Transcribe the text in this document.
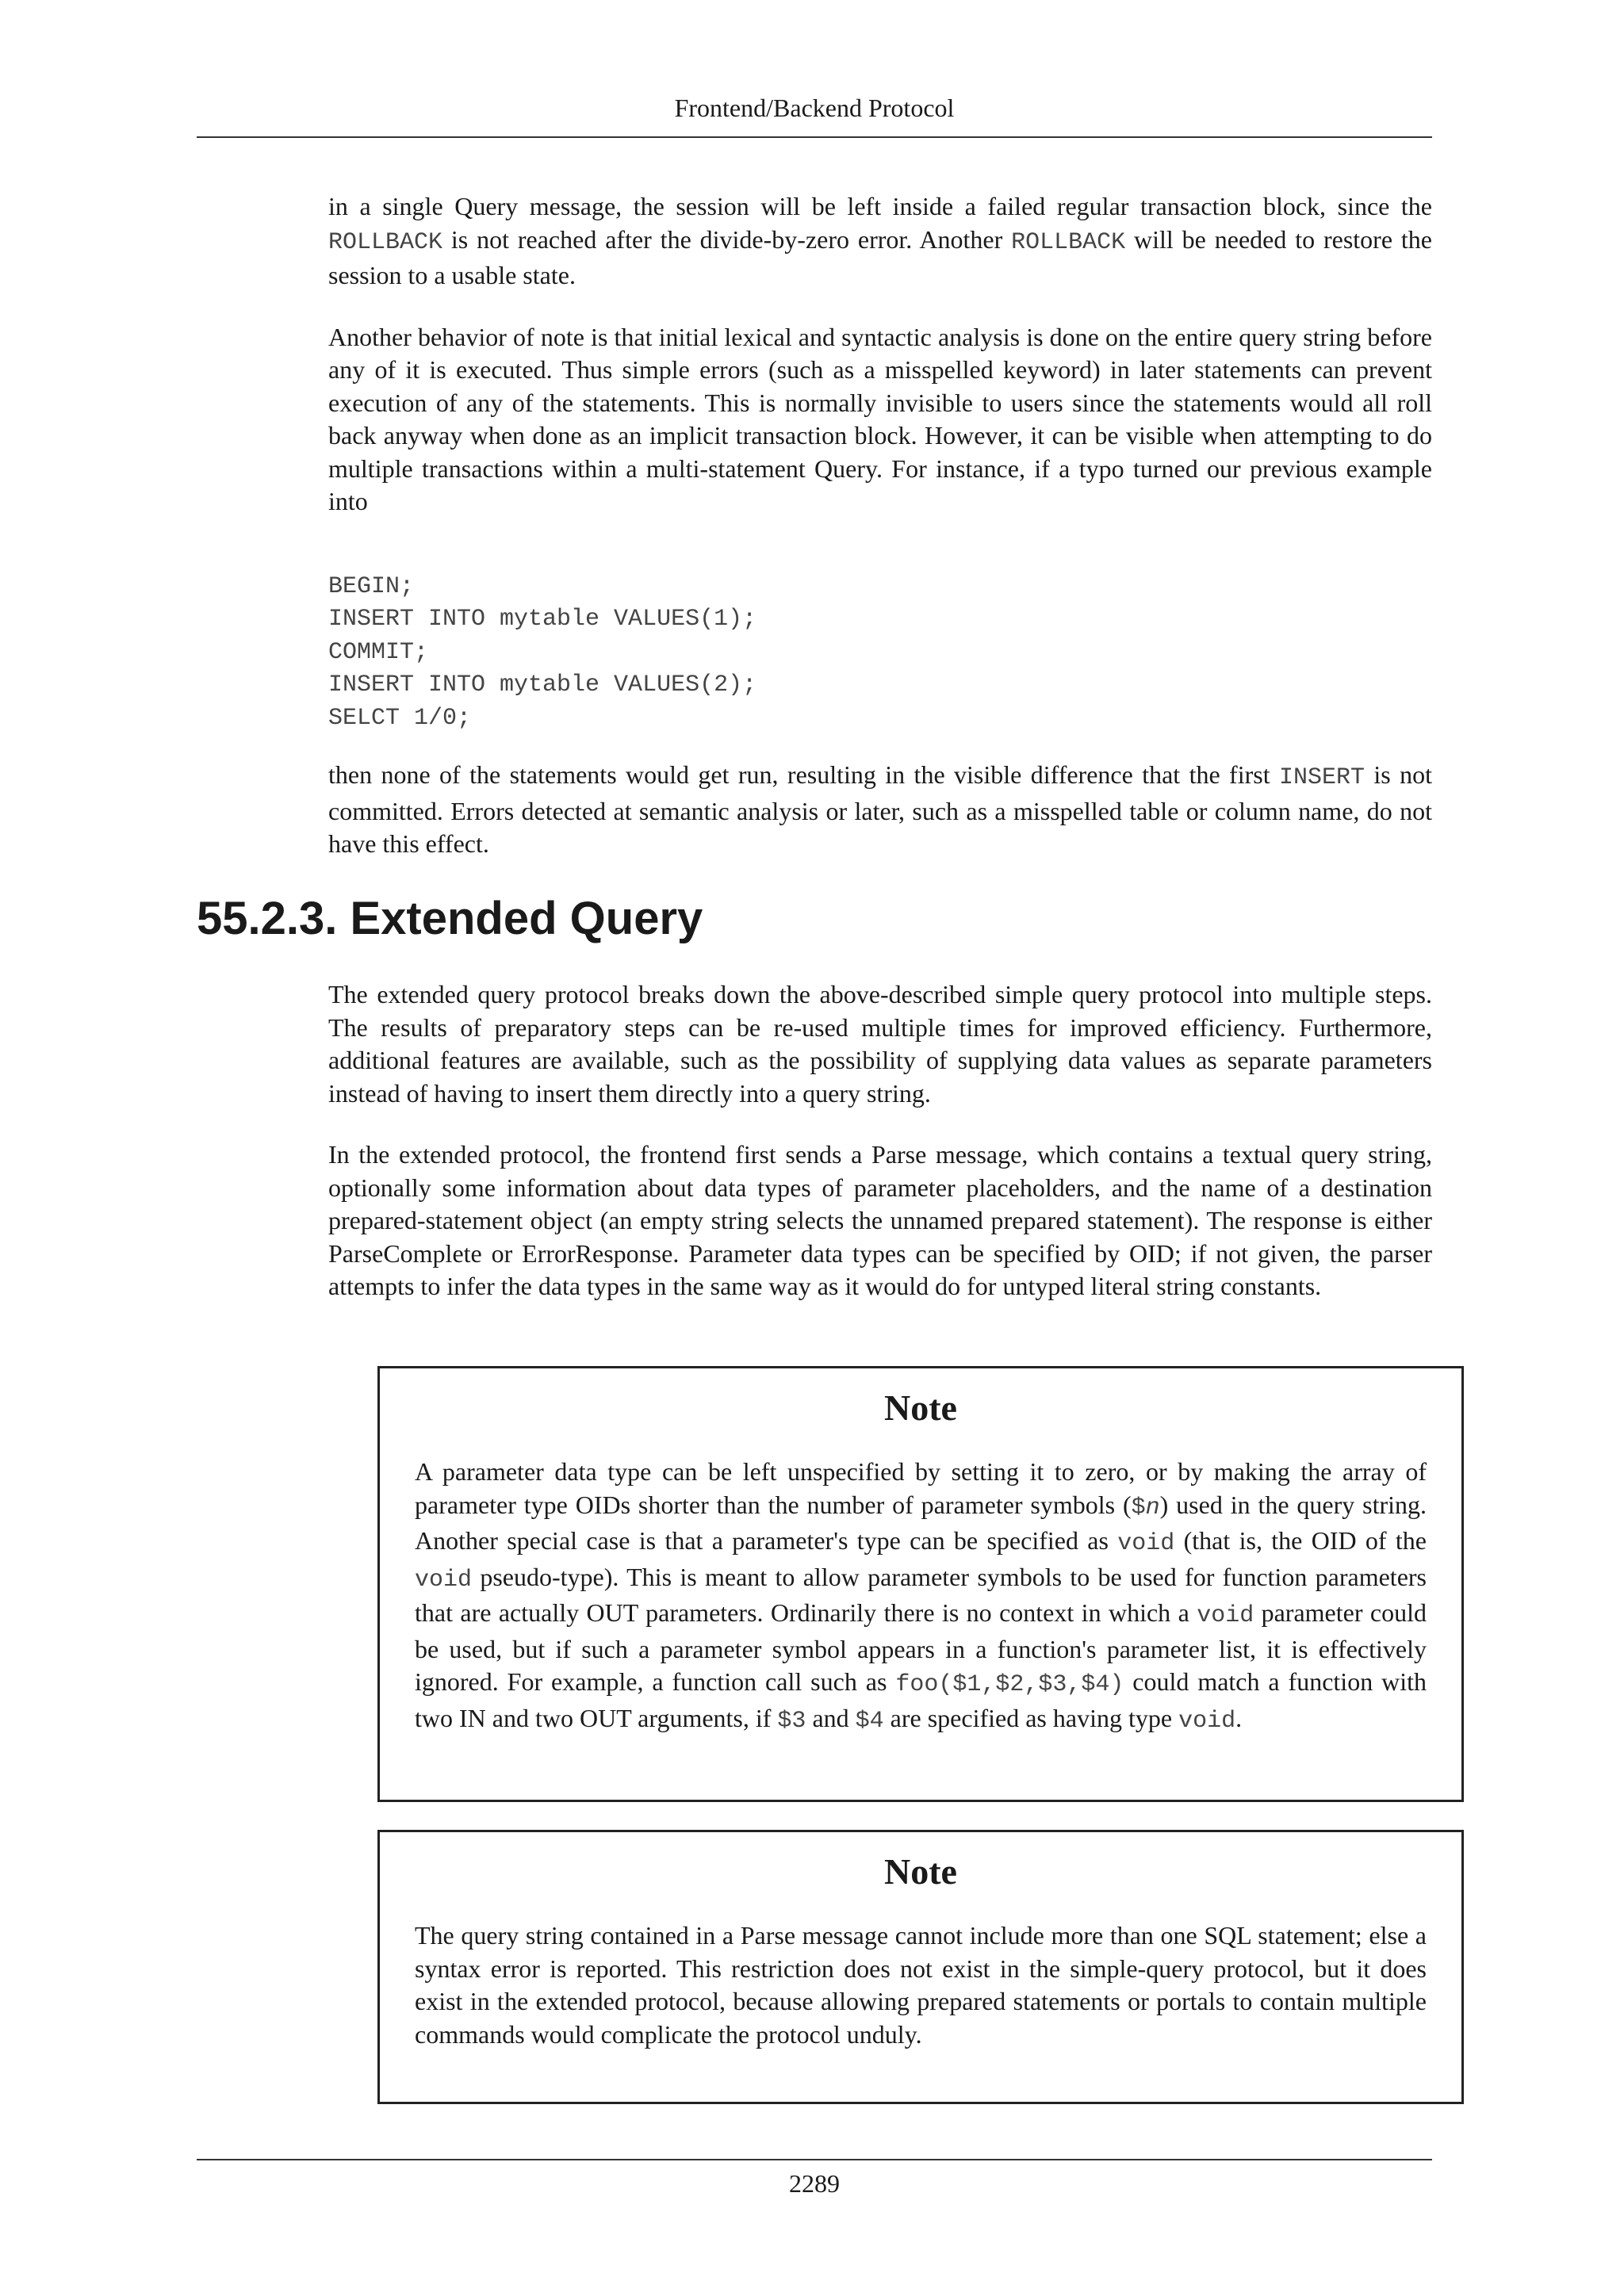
Frontend/Backend Protocol

in a single Query message, the session will be left inside a failed regular transaction block, since the ROLLBACK is not reached after the divide-by-zero error. Another ROLLBACK will be needed to restore the session to a usable state.

Another behavior of note is that initial lexical and syntactic analysis is done on the entire query string before any of it is executed. Thus simple errors (such as a misspelled keyword) in later statements can prevent execution of any of the statements. This is normally invisible to users since the statements would all roll back anyway when done as an implicit transaction block. However, it can be visible when attempting to do multiple transactions within a multi-statement Query. For instance, if a typo turned our previous example into

BEGIN;
INSERT INTO mytable VALUES(1);
COMMIT;
INSERT INTO mytable VALUES(2);
SELCT 1/0;

then none of the statements would get run, resulting in the visible difference that the first INSERT is not committed. Errors detected at semantic analysis or later, such as a misspelled table or column name, do not have this effect.

55.2.3. Extended Query

The extended query protocol breaks down the above-described simple query protocol into multiple steps. The results of preparatory steps can be re-used multiple times for improved efficiency. Furthermore, additional features are available, such as the possibility of supplying data values as separate parameters instead of having to insert them directly into a query string.

In the extended protocol, the frontend first sends a Parse message, which contains a textual query string, optionally some information about data types of parameter placeholders, and the name of a destination prepared-statement object (an empty string selects the unnamed prepared statement). The response is either ParseComplete or ErrorResponse. Parameter data types can be specified by OID; if not given, the parser attempts to infer the data types in the same way as it would do for untyped literal string constants.

Note

A parameter data type can be left unspecified by setting it to zero, or by making the array of parameter type OIDs shorter than the number of parameter symbols ($n) used in the query string. Another special case is that a parameter's type can be specified as void (that is, the OID of the void pseudo-type). This is meant to allow parameter symbols to be used for function parameters that are actually OUT parameters. Ordinarily there is no context in which a void parameter could be used, but if such a parameter symbol appears in a function's parameter list, it is effectively ignored. For example, a function call such as foo($1,$2,$3,$4) could match a function with two IN and two OUT arguments, if $3 and $4 are specified as having type void.

Note

The query string contained in a Parse message cannot include more than one SQL statement; else a syntax error is reported. This restriction does not exist in the simple-query protocol, but it does exist in the extended protocol, because allowing prepared statements or portals to contain multiple commands would complicate the protocol unduly.

2289
